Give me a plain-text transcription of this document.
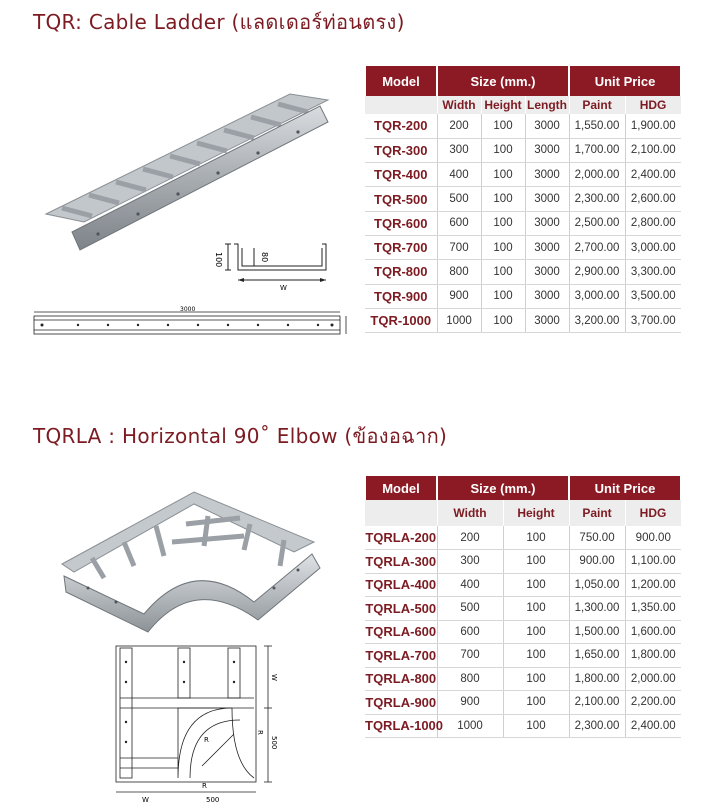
TQR: Cable Ladder (แลดเดอร์ท่อนตรง)
100	80
W
3000
Model	Size (mm.)			Unit Price	
	Width	Height	Length	Paint	HDG
TQR-200	200	100	3000	1,550.00	1,900.00
TQR-300	300	100	3000	1,700.00	2,100.00
TQR-400	400	100	3000	2,000.00	2,400.00
TQR-500	500	100	3000	2,300.00	2,600.00
TQR-600	600	100	3000	2,500.00	2,800.00
TQR-700	700	100	3000	2,700.00	3,000.00
TQR-800	800	100	3000	2,900.00	3,300.00
TQR-900	900	100	3000	3,000.00	3,500.00
TQR-1000	1000	100	3000	3,200.00	3,700.00
TQRLA : Horizontal 90˚ Elbow (ข้องอฉาก)
R
R
W	500
W
R
500
Model	Size (mm.)		Unit Price	
	Width	Height	Paint	HDG
TQRLA-200	200	100	750.00	900.00
TQRLA-300	300	100	900.00	1,100.00
TQRLA-400	400	100	1,050.00	1,200.00
TQRLA-500	500	100	1,300.00	1,350.00
TQRLA-600	600	100	1,500.00	1,600.00
TQRLA-700	700	100	1,650.00	1,800.00
TQRLA-800	800	100	1,800.00	2,000.00
TQRLA-900	900	100	2,100.00	2,200.00
TQRLA-1000	1000	100	2,300.00	2,400.00
